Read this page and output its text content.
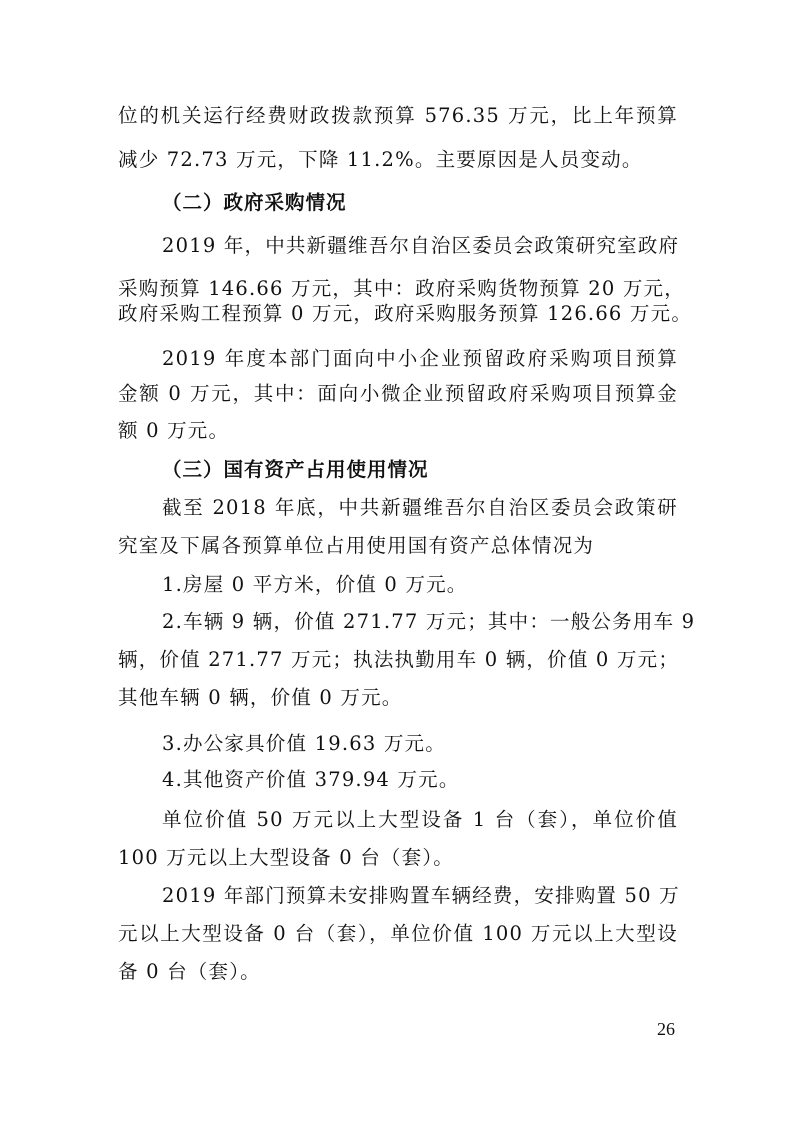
位的机关运行经费财政拨款预算 576.35 万元，比上年预算
减少 72.73 万元，下降 11.2%。主要原因是人员变动。
（二）政府采购情况
2019 年，中共新疆维吾尔自治区委员会政策研究室政府
采购预算 146.66 万元，其中：政府采购货物预算 20 万元，
政府采购工程预算 0 万元，政府采购服务预算 126.66 万元。
2019 年度本部门面向中小企业预留政府采购项目预算
金额 0 万元，其中：面向小微企业预留政府采购项目预算金
额 0 万元。
（三）国有资产占用使用情况
截至 2018 年底，中共新疆维吾尔自治区委员会政策研
究室及下属各预算单位占用使用国有资产总体情况为
1.房屋 0 平方米，价值 0 万元。
2.车辆 9 辆，价值 271.77 万元；其中：一般公务用车 9
辆，价值 271.77 万元；执法执勤用车 0 辆，价值 0 万元；
其他车辆 0 辆，价值 0 万元。
3.办公家具价值 19.63 万元。
4.其他资产价值 379.94 万元。
单位价值 50 万元以上大型设备 1 台（套），单位价值
100 万元以上大型设备 0 台（套）。
2019 年部门预算未安排购置车辆经费，安排购置 50 万
元以上大型设备 0 台（套），单位价值 100 万元以上大型设
备 0 台（套）。
26
